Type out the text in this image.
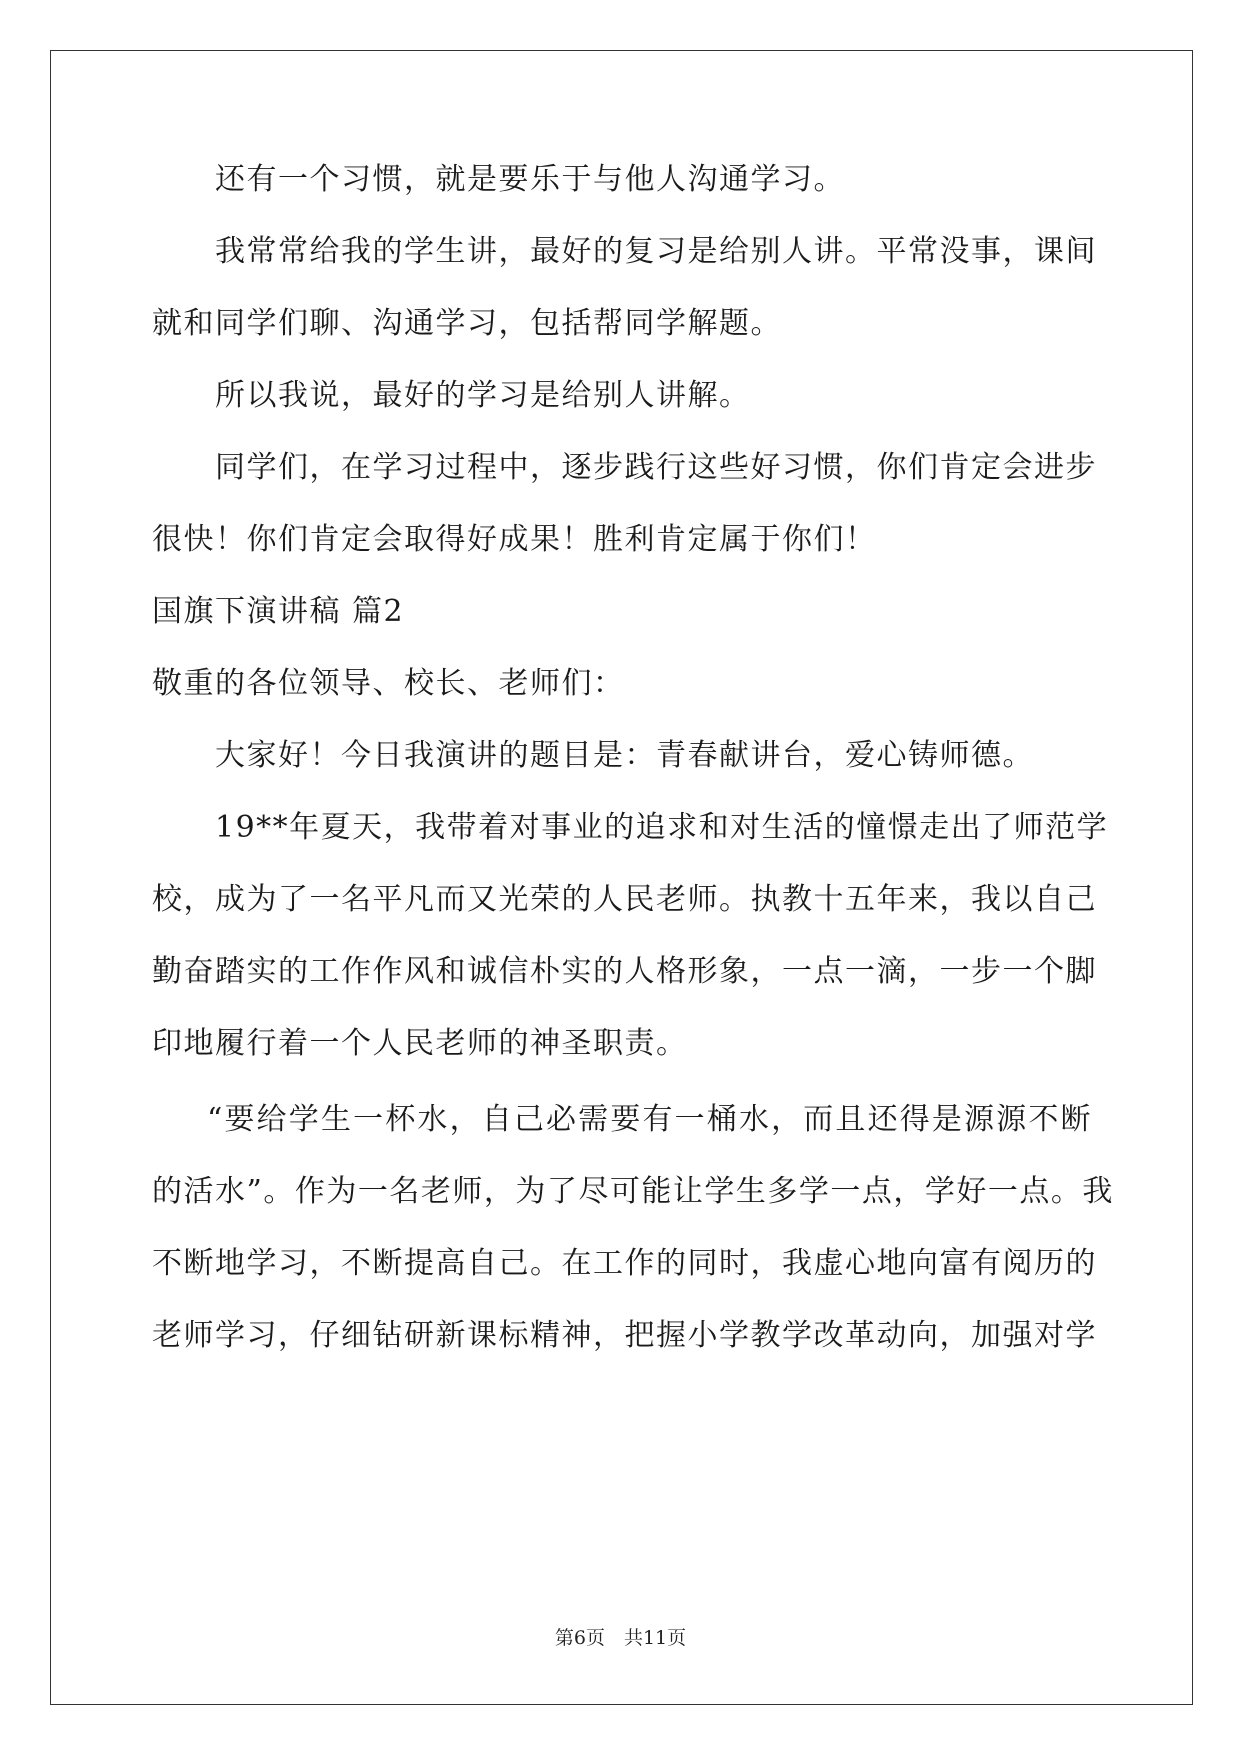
还有一个习惯，就是要乐于与他人沟通学习。
我常常给我的学生讲，最好的复习是给别人讲。平常没事，课间
就和同学们聊、沟通学习，包括帮同学解题。
所以我说，最好的学习是给别人讲解。
同学们，在学习过程中，逐步践行这些好习惯，你们肯定会进步
很快！你们肯定会取得好成果！胜利肯定属于你们！
国旗下演讲稿 篇2
敬重的各位领导、校长、老师们：
大家好！今日我演讲的题目是：青春献讲台，爱心铸师德。
19**年夏天，我带着对事业的追求和对生活的憧憬走出了师范学
校，成为了一名平凡而又光荣的人民老师。执教十五年来，我以自己
勤奋踏实的工作作风和诚信朴实的人格形象，一点一滴，一步一个脚
印地履行着一个人民老师的神圣职责。
“要给学生一杯水，自己必需要有一桶水，而且还得是源源不断
的活水”。作为一名老师，为了尽可能让学生多学一点，学好一点。我
不断地学习，不断提高自己。在工作的同时，我虚心地向富有阅历的
老师学习，仔细钻研新课标精神，把握小学教学改革动向，加强对学
第6页　共11页
